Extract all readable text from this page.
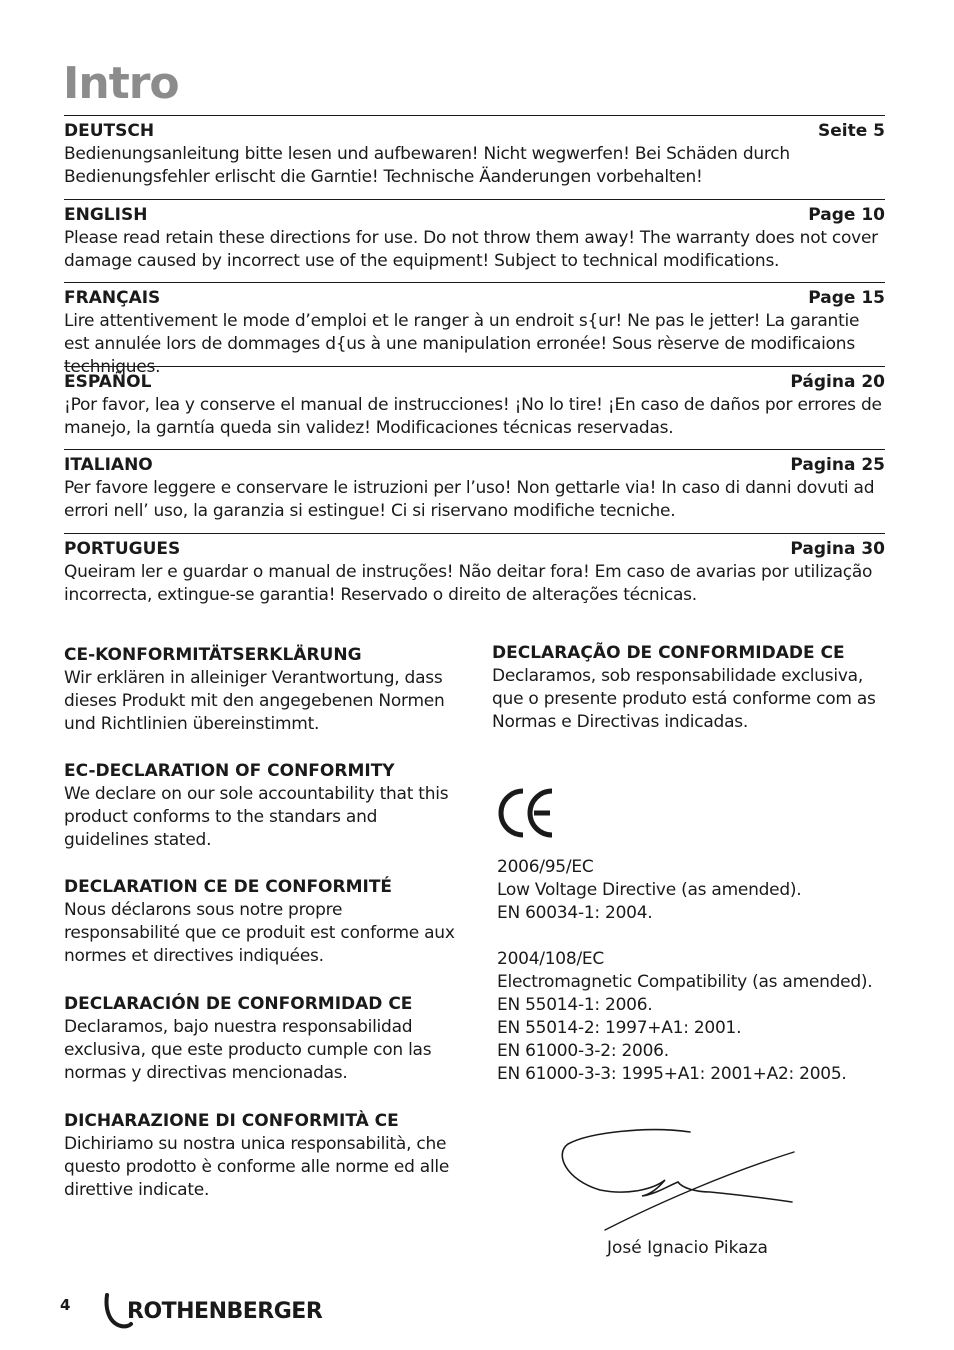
Intro
DEUTSCH	Seite 5

Bedienungsanleitung bitte lesen und aufbewaren! Nicht wegwerfen! Bei Schäden durch Bedienungsfehler erlischt die Garntie! Technische Äanderungen vorbehalten!

ENGLISH	Page 10

Please read retain these directions for use. Do not throw them away! The warranty does not cover damage caused by incorrect use of the equipment! Subject to technical modifications.

FRANÇAIS	Page 15

Lire attentivement le mode d’emploi et le ranger à un endroit s{ur! Ne pas le jetter! La garantie est annulée lors de dommages d{us à une manipulation erronée! Sous rèserve de modificaions techniques.

ESPAÑOL	Página 20

¡Por favor, lea y conserve el manual de instrucciones! ¡No lo tire! ¡En caso de daños por errores de manejo, la garntía queda sin validez! Modificaciones técnicas reservadas.

ITALIANO	Pagina 25

Per favore leggere e conservare le istruzioni per l’uso! Non gettarle via! In caso di danni dovuti ad errori nell’ uso, la garanzia si estingue! Ci si riservano modifiche tecniche.

PORTUGUES	Pagina 30

Queiram ler e guardar o manual de instruções! Não deitar fora! Em caso de avarias por utilização incorrecta, extingue-se garantia! Reservado o direito de alterações técnicas.

CE-KONFORMITÄTSERKLÄRUNG

Wir erklären in alleiniger Verantwortung, dass dieses Produkt mit den angegebenen Normen und Richtlinien übereinstimmt.

EC-DECLARATION OF CONFORMITY

We declare on our sole accountability that this product conforms to the standars and guidelines stated.

DECLARATION CE DE CONFORMITÉ

Nous déclarons sous notre propre responsabilité que ce produit est conforme aux normes et directives indiquées.

DECLARACIÓN DE CONFORMIDAD CE

Declaramos, bajo nuestra responsabilidad exclusiva, que este producto cumple con las normas y directivas mencionadas.

DICHARAZIONE DI CONFORMITÀ CE

Dichiriamo su nostra unica responsabilità, che questo prodotto è conforme alle norme ed alle direttive indicate.

DECLARAÇÃO DE CONFORMIDADE CE

Declaramos, sob responsabilidade exclusiva, que o presente produto está conforme com as Normas e Directivas indicadas.

2006/95/EC
Low Voltage Directive (as amended).
EN 60034-1: 2004.
2004/108/EC
Electromagnetic Compatibility (as amended).
EN 55014-1: 2006.
EN 55014-2: 1997+A1: 2001.
EN 61000-3-2: 2006.
EN 61000-3-3: 1995+A1: 2001+A2: 2005.
José Ignacio Pikaza
4	ROTHENBERGER
